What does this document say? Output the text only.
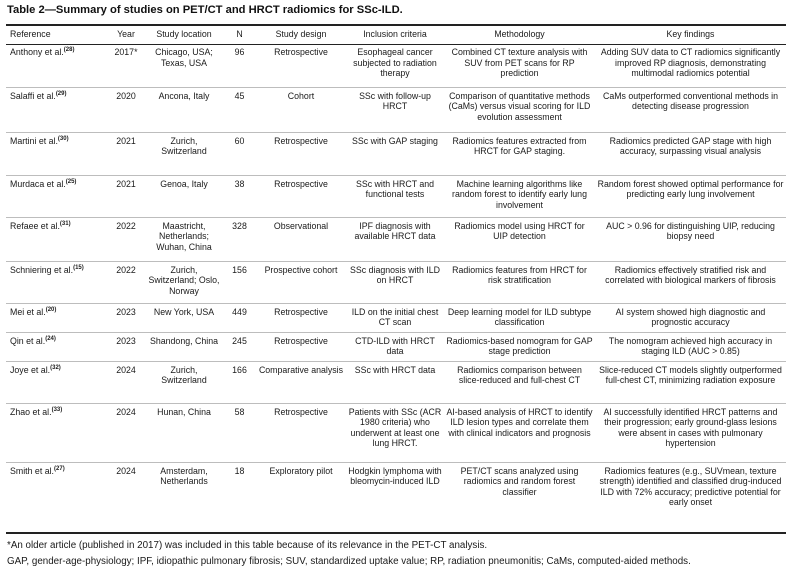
Table 2—Summary of studies on PET/CT and HRCT radiomics for SSc-ILD.
Reference	Year	Study location	N	Study design	Inclusion criteria	Methodology	Key findings
Anthony et al.$^{(28)}$	2017*	Chicago, USA; Texas, USA	96	Retrospective	Esophageal cancer subjected to radiation therapy	Combined CT texture analysis with SUV from PET scans for RP prediction	Adding SUV data to CT radiomics significantly improved RP diagnosis, demonstrating multimodal radiomics potential
Salaffi et al.$^{(29)}$	2020	Ancona, Italy	45	Cohort	SSc with follow-up HRCT	Comparison of quantitative methods (CaMs) versus visual scoring for ILD evolution assessment	CaMs outperformed conventional methods in detecting disease progression
Martini et al.$^{(30)}$	2021	Zurich, Switzerland	60	Retrospective	SSc with GAP staging	Radiomics features extracted from HRCT for GAP staging.	Radiomics predicted GAP stage with high accuracy, surpassing visual analysis
Murdaca et al.$^{(25)}$	2021	Genoa, Italy	38	Retrospective	SSc with HRCT and functional tests	Machine learning algorithms like random forest to identify early lung involvement	Random forest showed optimal performance for predicting early lung involvement
Refaee et al.$^{(31)}$	2022	Maastricht, Netherlands; Wuhan, China	328	Observational	IPF diagnosis with available HRCT data	Radiomics model using HRCT for UIP detection	AUC > 0.96 for distinguishing UIP, reducing biopsy need
Schniering et al.$^{(15)}$	2022	Zurich, Switzerland; Oslo, Norway	156	Prospective cohort	SSc diagnosis with ILD on HRCT	Radiomics features from HRCT for risk stratification	Radiomics effectively stratified risk and correlated with biological markers of fibrosis
Mei et al.$^{(20)}$	2023	New York, USA	449	Retrospective	ILD on the initial chest CT scan	Deep learning model for ILD subtype classification	AI system showed high diagnostic and prognostic accuracy
Qin et al.$^{(24)}$	2023	Shandong, China	245	Retrospective	CTD-ILD with HRCT data	Radiomics-based nomogram for GAP stage prediction	The nomogram achieved high accuracy in staging ILD (AUC > 0.85)
Joye et al.$^{(32)}$	2024	Zurich, Switzerland	166	Comparative analysis	SSc with HRCT data	Radiomics comparison between slice-reduced and full-chest CT	Slice-reduced CT models slightly outperformed full-chest CT, minimizing radiation exposure
Zhao et al.$^{(33)}$	2024	Hunan, China	58	Retrospective	Patients with SSc (ACR 1980 criteria) who underwent at least one lung HRCT.	AI-based analysis of HRCT to identify ILD lesion types and correlate them with clinical indicators and prognosis	AI successfully identified HRCT patterns and their progression; early ground-glass lesions were absent in cases with pulmonary hypertension
Smith et al.$^{(27)}$	2024	Amsterdam, Netherlands	18	Exploratory pilot	Hodgkin lymphoma with bleomycin-induced ILD	PET/CT scans analyzed using radiomics and random forest classifier	Radiomics features (e.g., SUVmean, texture strength) identified and classified drug-induced ILD with 72% accuracy; predictive potential for early onset
*An older article (published in 2017) was included in this table because of its relevance in the PET-CT analysis.
GAP, gender-age-physiology; IPF, idiopathic pulmonary fibrosis; SUV, standardized uptake value; RP, radiation pneumonitis; CaMs, computed-aided methods.
